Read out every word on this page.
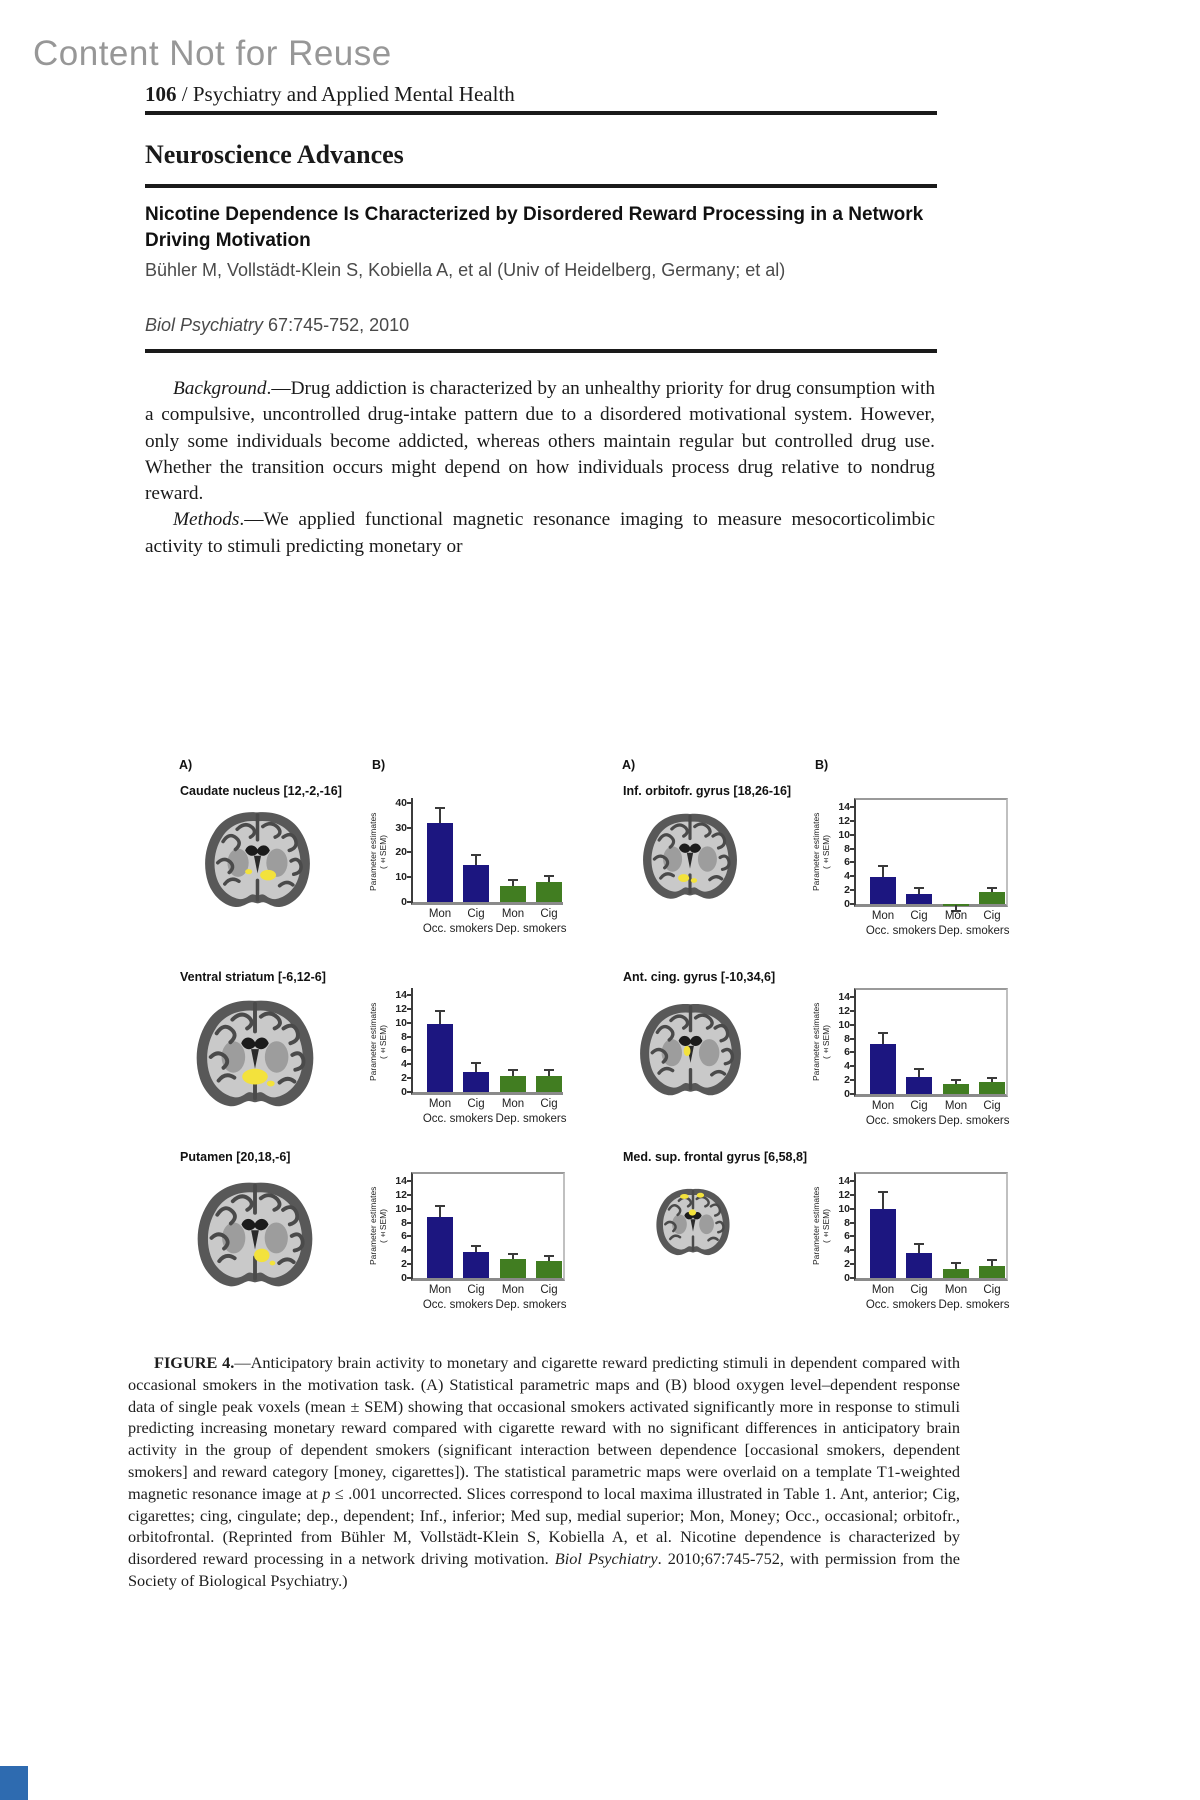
Content Not for Reuse
106 / Psychiatry and Applied Mental Health
Neuroscience Advances
Nicotine Dependence Is Characterized by Disordered Reward Processing in a Network Driving Motivation
Bühler M, Vollstädt-Klein S, Kobiella A, et al (Univ of Heidelberg, Germany; et al)
Biol Psychiatry 67:745-752, 2010

Background.—Drug addiction is characterized by an unhealthy priority for drug consumption with a compulsive, uncontrolled drug-intake pattern due to a disordered motivational system. However, only some individuals become addicted, whereas others maintain regular but controlled drug use. Whether the transition occurs might depend on how individuals process drug relative to nondrug reward.

Methods.—We applied functional magnetic resonance imaging to measure mesocorticolimbic activity to stimuli predicting monetary or

A)	B)
Caudate nucleus [12,-2,-16]
Parameter estimates (±SEM)
0
10
20
30
40
Mon	Cig	Mon	Cig
Occ. smokers Dep. smokers
Ventral striatum [-6,12-6]
Parameter estimates (±SEM)
0
2
4
6
8
10
12
14
Mon	Cig	Mon	Cig
Occ. smokers Dep. smokers
Putamen [20,18,-6]
Parameter estimates (±SEM)
0
2
4
6
8
10
12
14
Mon	Cig	Mon	Cig
Occ. smokers Dep. smokers
A)	B)
Inf. orbitofr. gyrus [18,26-16]
Parameter estimates (±SEM)
0
2
4
6
8
10
12
14
Mon	Cig	Mon	Cig
Occ. smokers Dep. smokers
Ant. cing. gyrus [-10,34,6]
Parameter estimates (±SEM)
0
2
4
6
8
10
12
14
Mon	Cig	Mon	Cig
Occ. smokers Dep. smokers
Med. sup. frontal gyrus [6,58,8]
Parameter estimates (±SEM)
0
2
4
6
8
10
12
14
Mon	Cig	Mon	Cig
Occ. smokers Dep. smokers
FIGURE 4.—Anticipatory brain activity to monetary and cigarette reward predicting stimuli in dependent compared with occasional smokers in the motivation task. (A) Statistical parametric maps and (B) blood oxygen level–dependent response data of single peak voxels (mean ± SEM) showing that occasional smokers activated significantly more in response to stimuli predicting increasing monetary reward compared with cigarette reward with no significant differences in anticipatory brain activity in the group of dependent smokers (significant interaction between dependence [occasional smokers, dependent smokers] and reward category [money, cigarettes]). The statistical parametric maps were overlaid on a template T1-weighted magnetic resonance image at p ≤ .001 uncorrected. Slices correspond to local maxima illustrated in Table 1. Ant, anterior; Cig, cigarettes; cing, cingulate; dep., dependent; Inf., inferior; Med sup, medial superior; Mon, Money; Occ., occasional; orbitofr., orbitofrontal. (Reprinted from Bühler M, Vollstädt-Klein S, Kobiella A, et al. Nicotine dependence is characterized by disordered reward processing in a network driving motivation. Biol Psychiatry. 2010;67:745-752, with permission from the Society of Biological Psychiatry.)
